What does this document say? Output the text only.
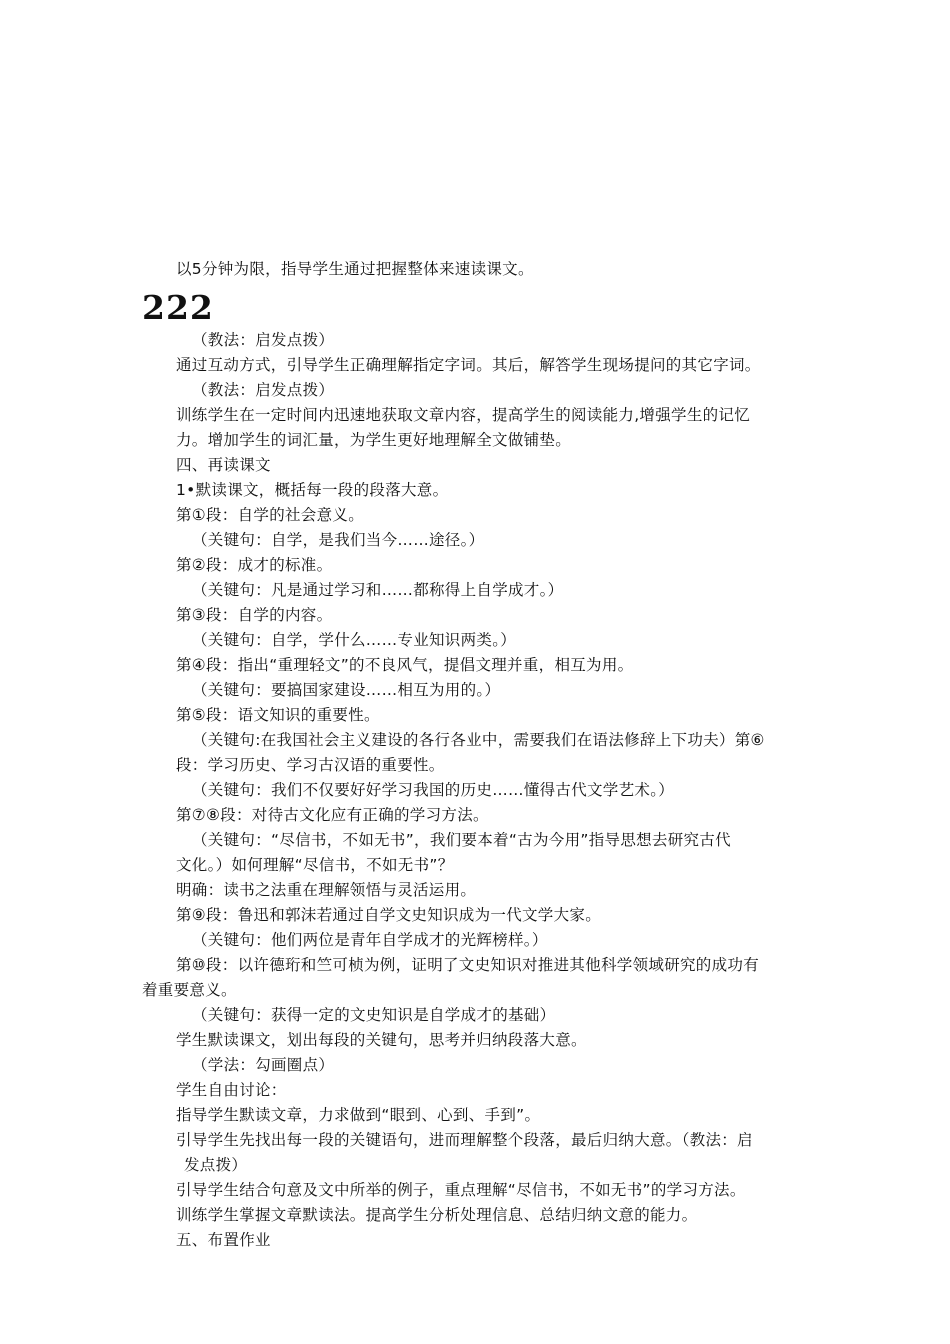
以5分钟为限，指导学生通过把握整体来速读课文。
222
（教法：启发点拨）
通过互动方式，引导学生正确理解指定字词。其后，解答学生现场提问的其它字词。
（教法：启发点拨）
训练学生在一定时间内迅速地获取文章内容，提高学生的阅读能力,增强学生的记忆
力。增加学生的词汇量，为学生更好地理解全文做铺垫。
四、再读课文
1•默读课文，概括每一段的段落大意。
第①段：自学的社会意义。
（关键句：自学，是我们当今……途径。）
第②段：成才的标准。
（关键句：凡是通过学习和……都称得上自学成才。）
第③段：自学的内容。
（关键句：自学，学什么……专业知识两类。）
第④段：指出“重理轻文”的不良风气，提倡文理并重，相互为用。
（关键句：要搞国家建设……相互为用的。）
第⑤段：语文知识的重要性。
（关键句:在我国社会主义建设的各行各业中，需要我们在语法修辞上下功夫）第⑥
段：学习历史、学习古汉语的重要性。
（关键句：我们不仅要好好学习我国的历史……懂得古代文学艺术。）
第⑦⑧段：对待古文化应有正确的学习方法。
（关键句：“尽信书，不如无书”，我们要本着“古为今用”指导思想去研究古代
文化。）如何理解“尽信书，不如无书”？
明确：读书之法重在理解领悟与灵活运用。
第⑨段：鲁迅和郭沫若通过自学文史知识成为一代文学大家。
（关键句：他们两位是青年自学成才的光辉榜样。）
第⑩段：以许德珩和竺可桢为例，证明了文史知识对推进其他科学领域研究的成功有
着重要意义。
（关键句：获得一定的文史知识是自学成才的基础）
学生默读课文，划出每段的关键句，思考并归纳段落大意。
（学法：勾画圈点）
学生自由讨论：
指导学生默读文章，力求做到“眼到、心到、手到”。
引导学生先找出每一段的关键语句，进而理解整个段落，最后归纳大意。（教法：启
发点拨）
引导学生结合句意及文中所举的例子，重点理解“尽信书，不如无书”的学习方法。
训练学生掌握文章默读法。提高学生分析处理信息、总结归纳文意的能力。
五、布置作业
